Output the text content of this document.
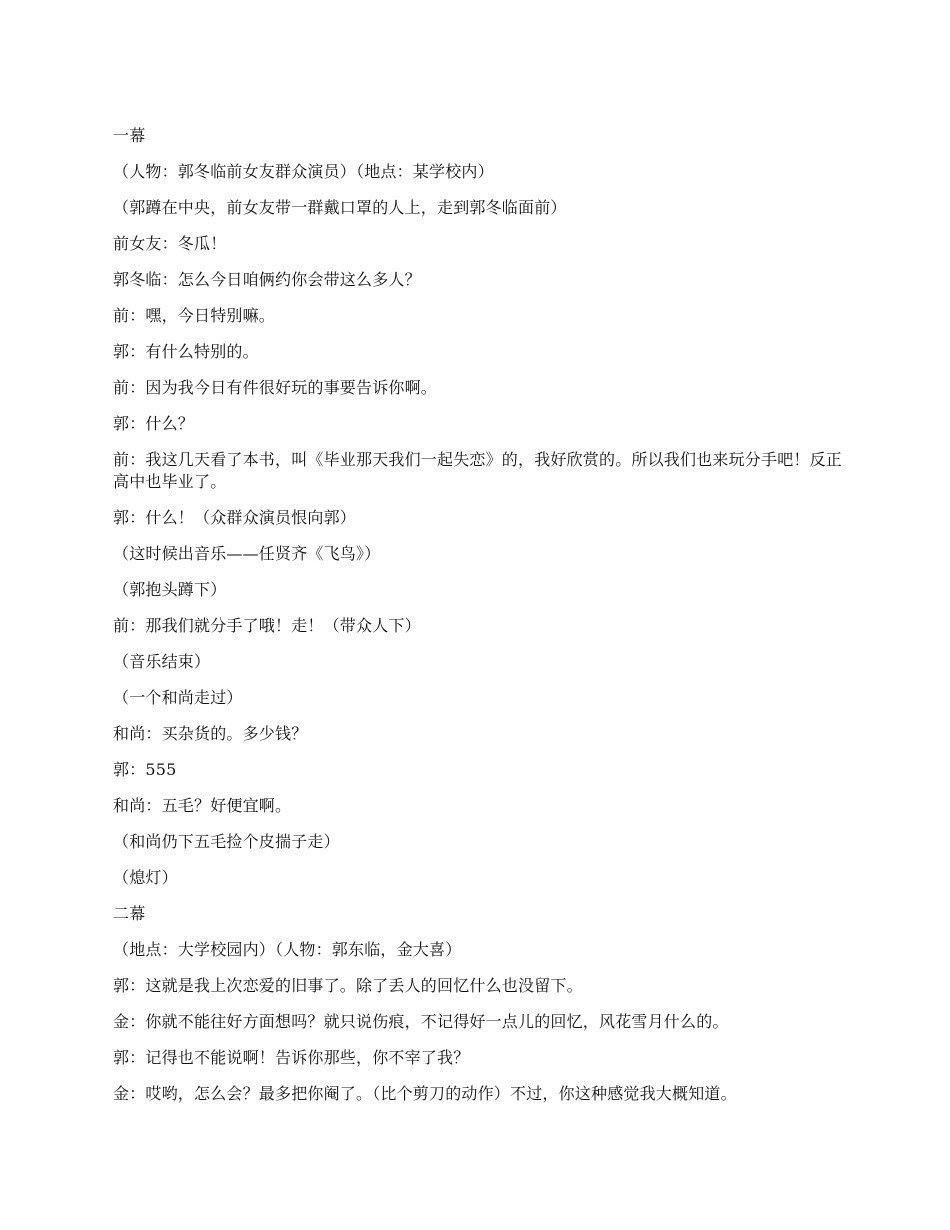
一幕

（人物：郭冬临前女友群众演员）（地点：某学校内）

（郭蹲在中央，前女友带一群戴口罩的人上，走到郭冬临面前）

前女友：冬瓜！

郭冬临：怎么今日咱俩约你会带这么多人？

前：嘿，今日特别嘛。

郭：有什么特别的。

前：因为我今日有件很好玩的事要告诉你啊。

郭：什么？

前：我这几天看了本书，叫《毕业那天我们一起失恋》的，我好欣赏的。所以我们也来玩分手吧！反正高中也毕业了。

郭：什么！（众群众演员恨向郭）

（这时候出音乐——任贤齐《飞鸟》）

（郭抱头蹲下）

前：那我们就分手了哦！走！（带众人下）

（音乐结束）

（一个和尚走过）

和尚：买杂货的。多少钱？

郭：555

和尚：五毛？好便宜啊。

（和尚仍下五毛捡个皮揣子走）

（熄灯）

二幕

（地点：大学校园内）（人物：郭东临，金大喜）

郭：这就是我上次恋爱的旧事了。除了丢人的回忆什么也没留下。

金：你就不能往好方面想吗？就只说伤痕，不记得好一点儿的回忆，风花雪月什么的。

郭：记得也不能说啊！告诉你那些，你不宰了我？

金：哎哟，怎么会？最多把你阉了。（比个剪刀的动作）不过，你这种感觉我大概知道。
